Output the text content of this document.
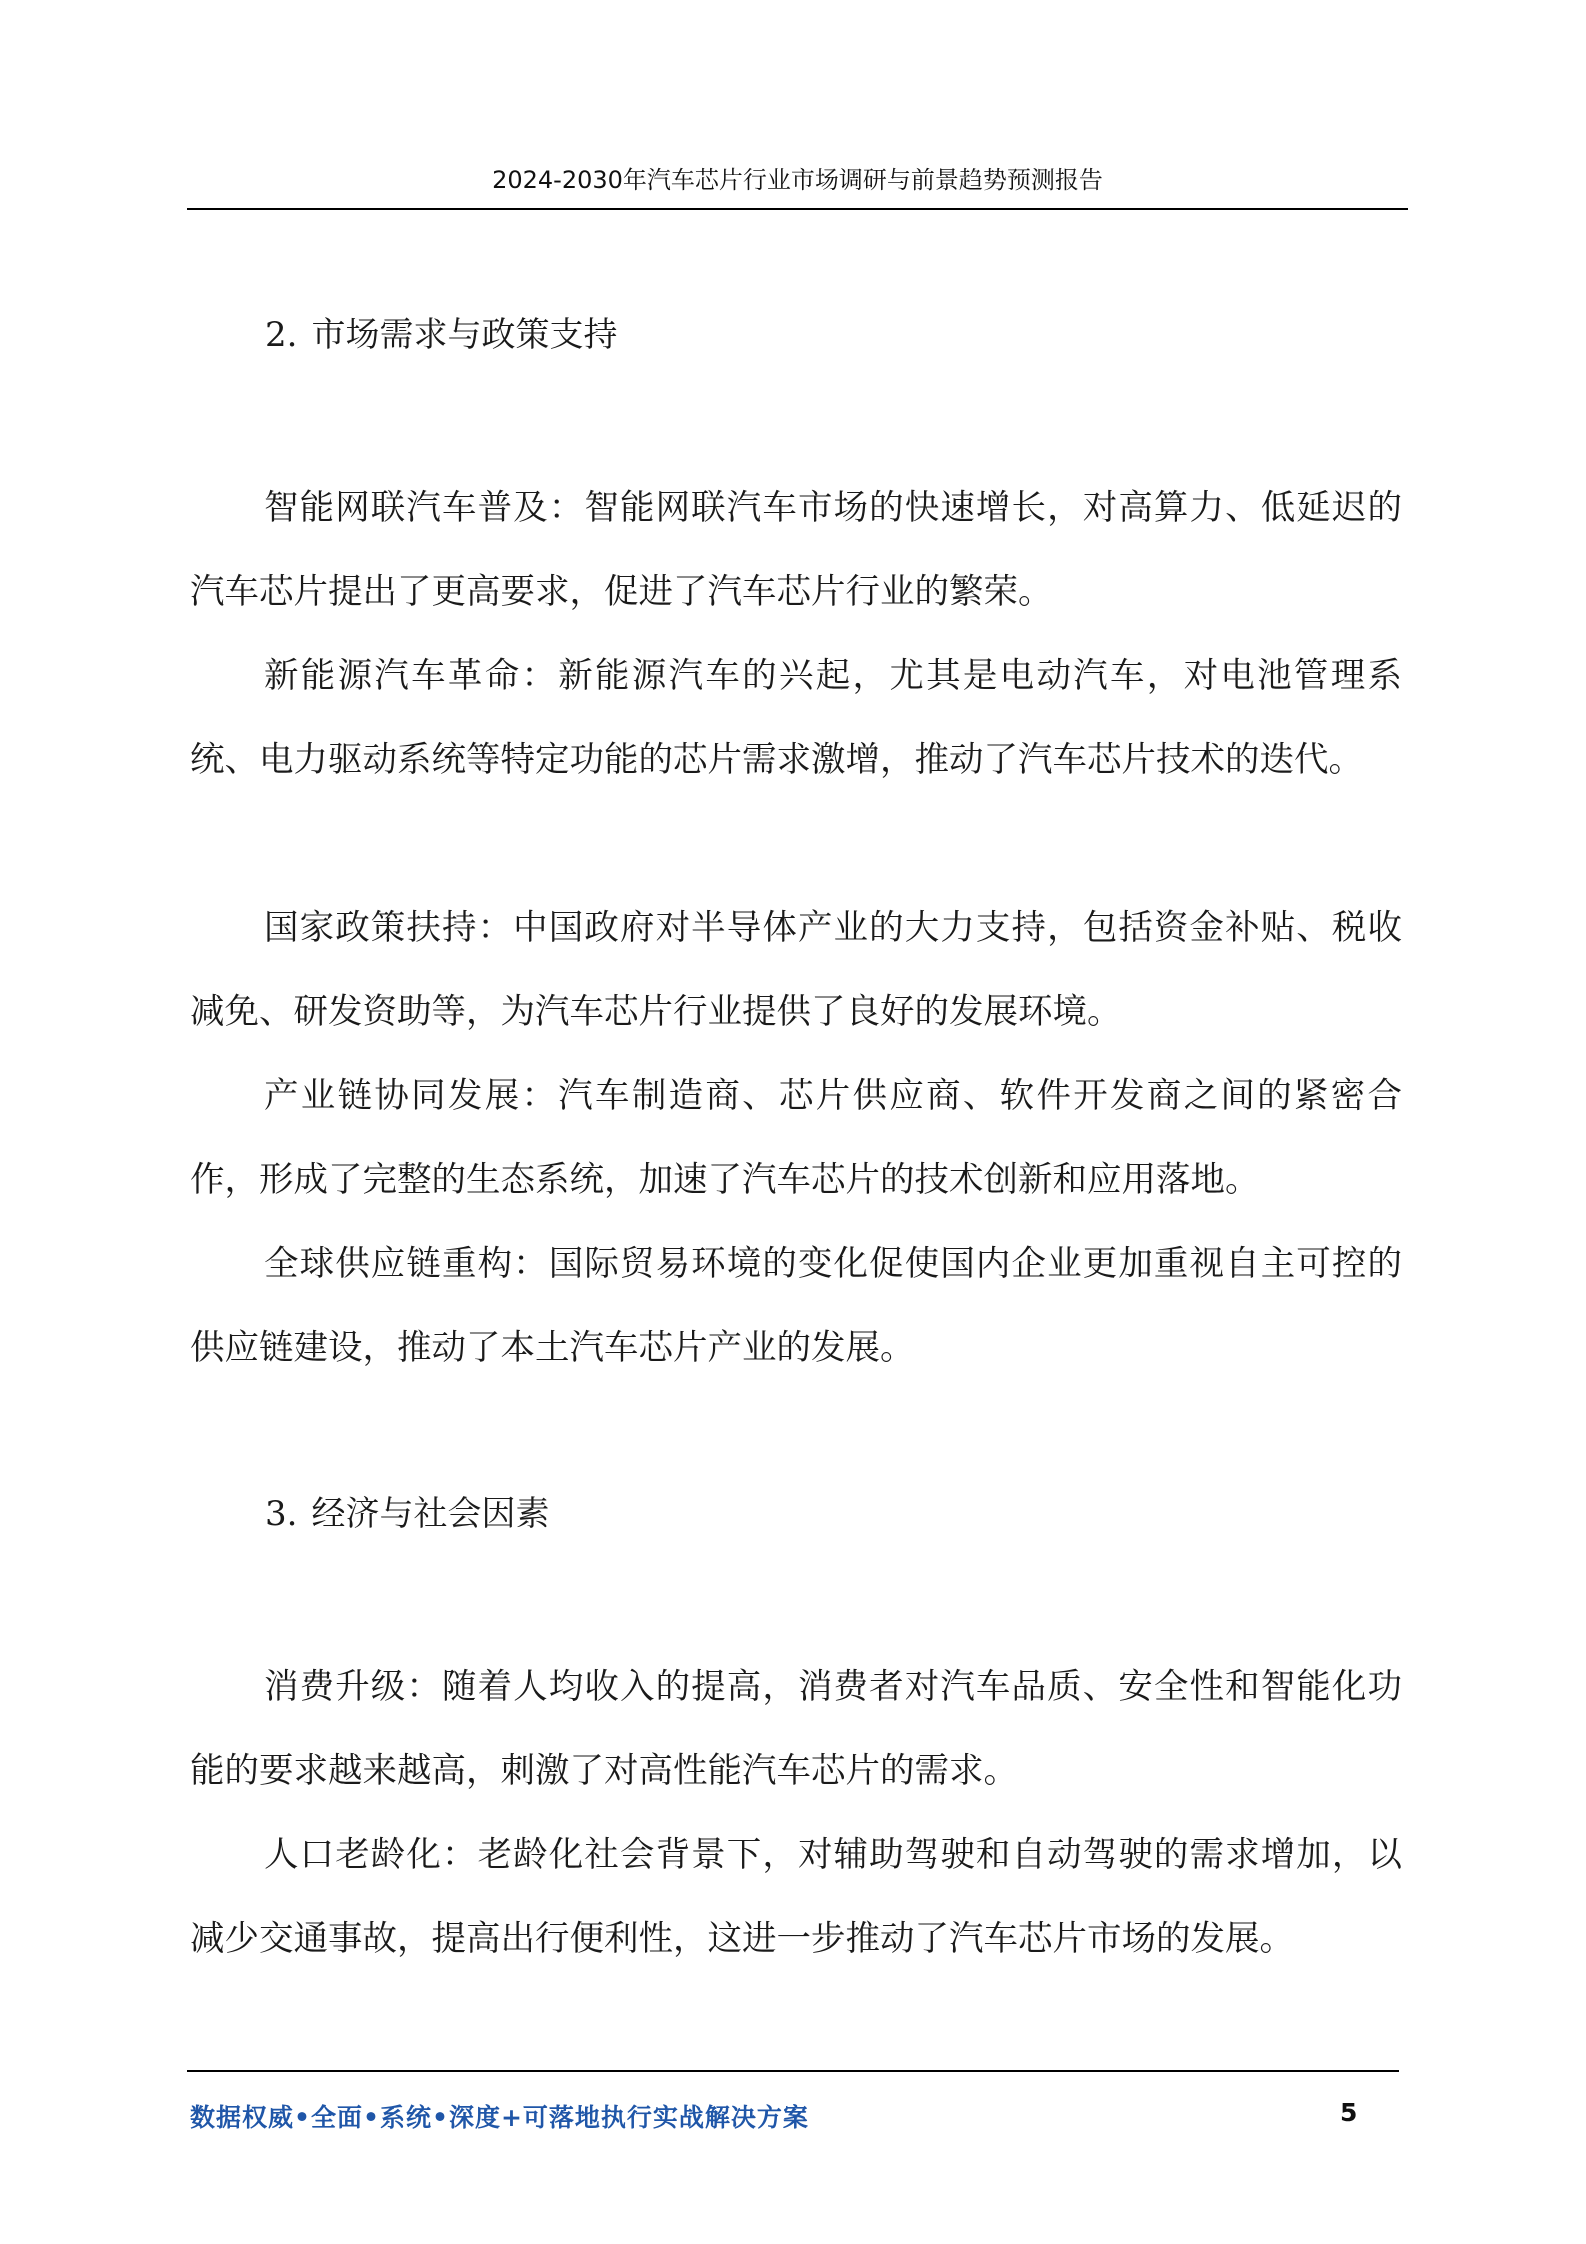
2024-2030年汽车芯片行业市场调研与前景趋势预测报告
2. 市场需求与政策支持

智能网联汽车普及：智能网联汽车市场的快速增长，对高算力、低延迟的汽车芯片提出了更高要求，促进了汽车芯片行业的繁荣。

新能源汽车革命：新能源汽车的兴起，尤其是电动汽车，对电池管理系统、电力驱动系统等特定功能的芯片需求激增，推动了汽车芯片技术的迭代。

国家政策扶持：中国政府对半导体产业的大力支持，包括资金补贴、税收减免、研发资助等，为汽车芯片行业提供了良好的发展环境。

产业链协同发展：汽车制造商、芯片供应商、软件开发商之间的紧密合作，形成了完整的生态系统，加速了汽车芯片的技术创新和应用落地。

全球供应链重构：国际贸易环境的变化促使国内企业更加重视自主可控的供应链建设，推动了本土汽车芯片产业的发展。

3. 经济与社会因素

消费升级：随着人均收入的提高，消费者对汽车品质、安全性和智能化功能的要求越来越高，刺激了对高性能汽车芯片的需求。

人口老龄化：老龄化社会背景下，对辅助驾驶和自动驾驶的需求增加，以减少交通事故，提高出行便利性，这进一步推动了汽车芯片市场的发展。

数据权威•全面•系统•深度+可落地执行实战解决方案	5
